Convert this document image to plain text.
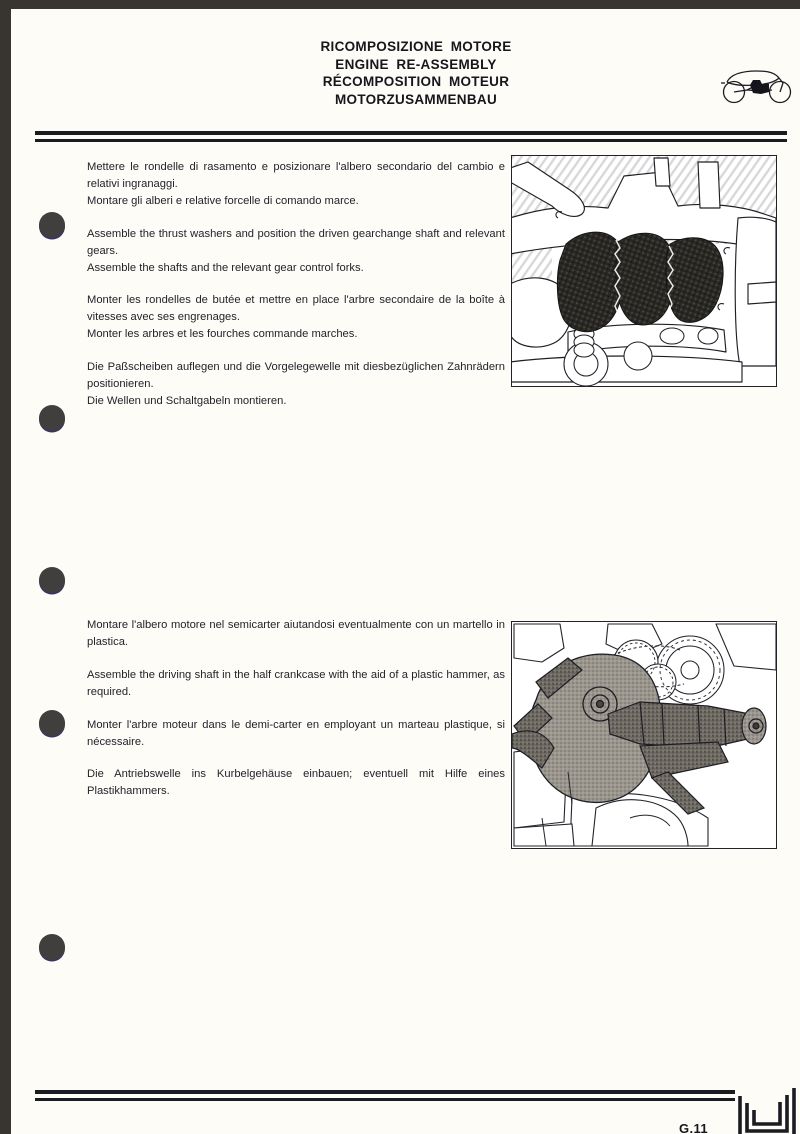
RICOMPOSIZIONE MOTORE
ENGINE RE-ASSEMBLY
RÉCOMPOSITION MOTEUR
MOTORZUSAMMENBAU
Mettere le rondelle di rasamento e posizionare l'albero secondario del cambio e relativi ingranaggi.
Montare gli alberi e relative forcelle di comando marce.
Assemble the thrust washers and position the driven gearchange shaft and relevant gears.
Assemble the shafts and the relevant gear control forks.
Monter les rondelles de butée et mettre en place l'arbre secondaire de la boîte à vitesses avec ses engrenages.
Monter les arbres et les fourches commande marches.
Die Paßscheiben auflegen und die Vorgelegewelle mit diesbezüglichen Zahnrädern positionieren.
Die Wellen und Schaltgabeln montieren.
Montare l'albero motore nel semicarter aiutandosi eventualmente con un martello in plastica.
Assemble the driving shaft in the half crankcase with the aid of a plastic hammer, as required.
Monter l'arbre moteur dans le demi-carter en employant un marteau plastique, si nécessaire.
Die Antriebswelle ins Kurbelgehäuse einbauen; eventuell mit Hilfe eines Plastikhammers.
G.11
